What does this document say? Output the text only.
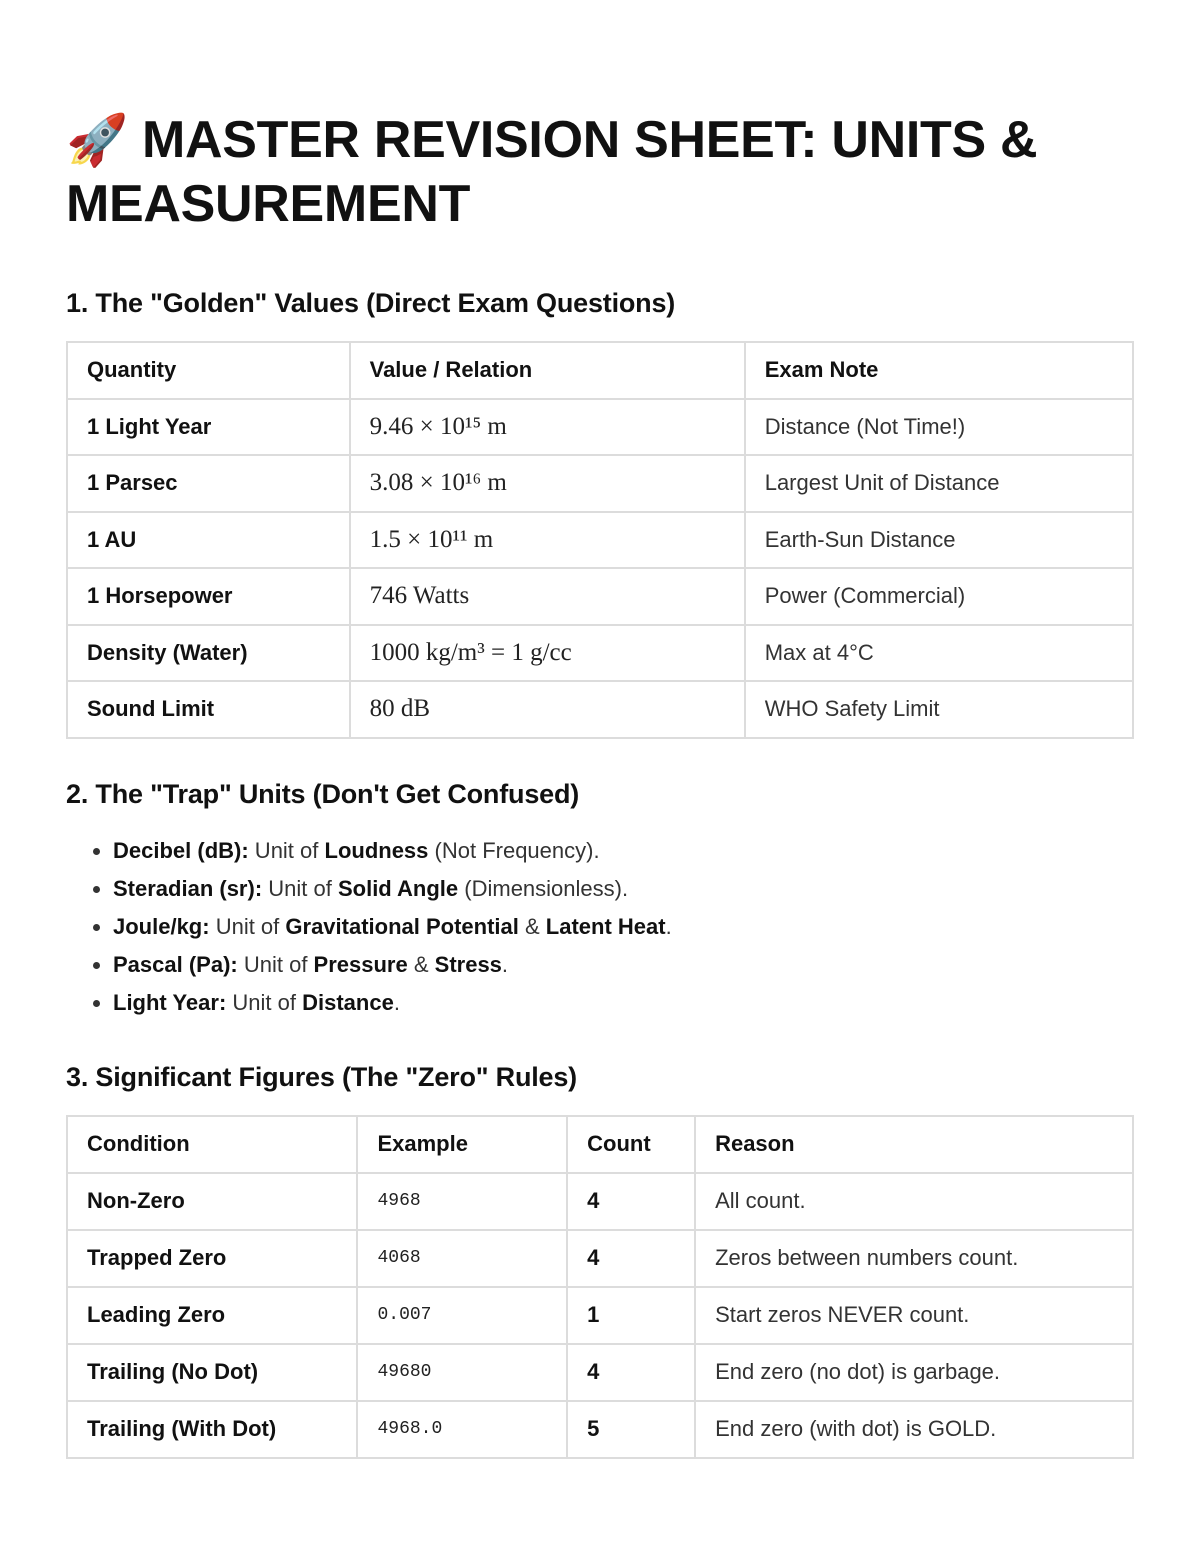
🚀 MASTER REVISION SHEET: UNITS & MEASUREMENT
1. The "Golden" Values (Direct Exam Questions)
Quantity	Value / Relation	Exam Note
1 Light Year	9.46 × 10¹⁵ m	Distance (Not Time!)
1 Parsec	3.08 × 10¹⁶ m	Largest Unit of Distance
1 AU	1.5 × 10¹¹ m	Earth-Sun Distance
1 Horsepower	746 Watts	Power (Commercial)
Density (Water)	1000 kg/m³ = 1 g/cc	Max at 4°C
Sound Limit	80 dB	WHO Safety Limit
2. The "Trap" Units (Don't Get Confused)
• Decibel (dB): Unit of Loudness (Not Frequency).
• Steradian (sr): Unit of Solid Angle (Dimensionless).
• Joule/kg: Unit of Gravitational Potential & Latent Heat.
• Pascal (Pa): Unit of Pressure & Stress.
• Light Year: Unit of Distance.
3. Significant Figures (The "Zero" Rules)
Condition	Example	Count	Reason
Non-Zero	4968	4	All count.
Trapped Zero	4068	4	Zeros between numbers count.
Leading Zero	0.007	1	Start zeros NEVER count.
Trailing (No Dot)	49680	4	End zero (no dot) is garbage.
Trailing (With Dot)	4968.0	5	End zero (with dot) is GOLD.
